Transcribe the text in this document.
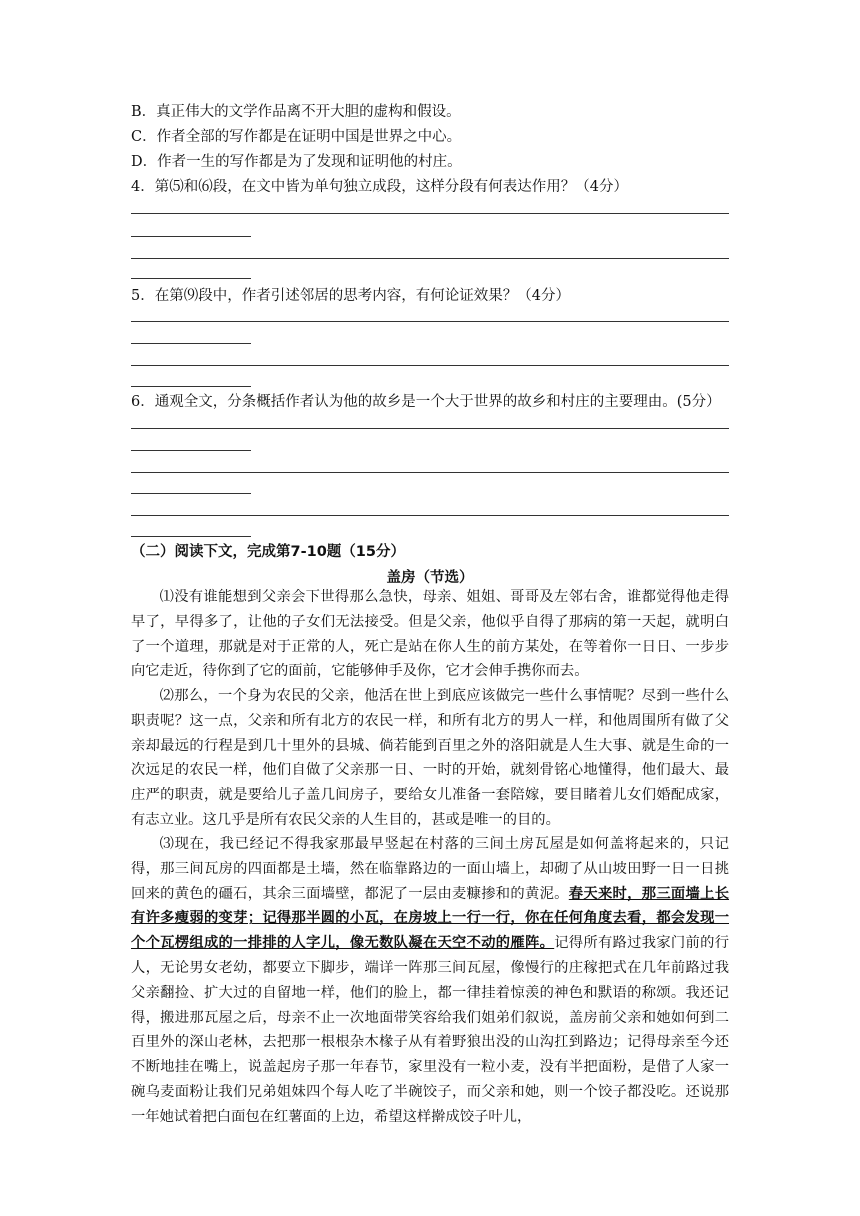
B．真正伟大的文学作品离不开大胆的虚构和假设。
C．作者全部的写作都是在证明中国是世界之中心。
D．作者一生的写作都是为了发现和证明他的村庄。
4．第⑸和⑹段，在文中皆为单句独立成段，这样分段有何表达作用？（4分）
5．在第⑼段中，作者引述邻居的思考内容，有何论证效果？（4分）
6．通观全文，分条概括作者认为他的故乡是一个大于世界的故乡和村庄的主要理由。(5分）
（二）阅读下文，完成第7-10题（15分）
盖房（节选）

⑴没有谁能想到父亲会下世得那么急快，母亲、姐姐、哥哥及左邻右舍，谁都觉得他走得早了，早得多了，让他的子女们无法接受。但是父亲，他似乎自得了那病的第一天起，就明白了一个道理，那就是对于正常的人，死亡是站在你人生的前方某处，在等着你一日日、一步步向它走近，待你到了它的面前，它能够伸手及你，它才会伸手携你而去。

⑵那么，一个身为农民的父亲，他活在世上到底应该做完一些什么事情呢？尽到一些什么职责呢？这一点，父亲和所有北方的农民一样，和所有北方的男人一样，和他周围所有做了父亲却最远的行程是到几十里外的县城、倘若能到百里之外的洛阳就是人生大事、就是生命的一次远足的农民一样，他们自做了父亲那一日、一时的开始，就刻骨铭心地懂得，他们最大、最庄严的职责，就是要给儿子盖几间房子，要给女儿准备一套陪嫁，要目睹着儿女们婚配成家，有志立业。这几乎是所有农民父亲的人生目的，甚或是唯一的目的。

⑶现在，我已经记不得我家那最早竖起在村落的三间土房瓦屋是如何盖将起来的，只记得，那三间瓦房的四面都是土墙，然在临靠路边的一面山墙上，却砌了从山坡田野一日一日挑回来的黄色的礓石，其余三面墙壁，都泥了一层由麦糠掺和的黄泥。春天来时，那三面墙上长有许多瘦弱的变芽；记得那半圆的小瓦，在房坡上一行一行，你在任何角度去看，都会发现一个个瓦楞组成的一排排的人字儿，像无数队凝在天空不动的雁阵。记得所有路过我家门前的行人，无论男女老幼，都要立下脚步，端详一阵那三间瓦屋，像慢行的庄稼把式在几年前路过我父亲翻捡、扩大过的自留地一样，他们的脸上，都一律挂着惊羡的神色和默语的称颂。我还记得，搬进那瓦屋之后，母亲不止一次地面带笑容给我们姐弟们叙说，盖房前父亲和她如何到二百里外的深山老林，去把那一根根杂木椽子从有着野狼出没的山沟扛到路边；记得母亲至今还不断地挂在嘴上，说盖起房子那一年春节，家里没有一粒小麦，没有半把面粉，是借了人家一碗乌麦面粉让我们兄弟姐妹四个每人吃了半碗饺子，而父亲和她，则一个饺子都没吃。还说那一年她试着把白面包在红薯面的上边，希望这样擀成饺子叶儿，
